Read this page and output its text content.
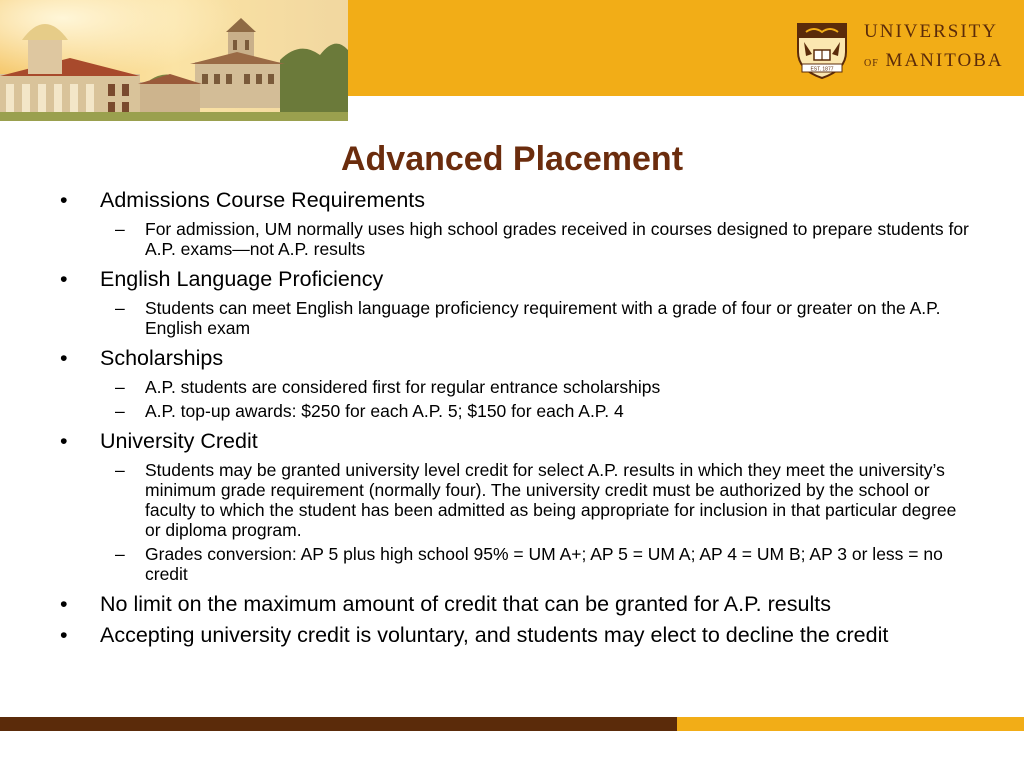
EST. 1877
UNIVERSITY
OF MANITOBA
Advanced Placement
• Admissions Course Requirements
– For admission, UM normally uses high school grades received in courses designed to prepare students for A.P. exams—not A.P. results
• English Language Proficiency
– Students can meet English language proficiency requirement with a grade of four or greater on the A.P. English exam
• Scholarships
– A.P. students are considered first for regular entrance scholarships
– A.P. top-up awards: $250 for each A.P. 5; $150 for each A.P. 4
• University Credit
– Students may be granted university level credit for select A.P. results in which they meet the university’s minimum grade requirement (normally four). The university credit must be authorized by the school or faculty to which the student has been admitted as being appropriate for inclusion in that particular degree or diploma program.
– Grades conversion: AP 5 plus high school 95% = UM A+; AP 5 = UM A; AP 4 = UM B; AP 3 or less = no credit
• No limit on the maximum amount of credit that can be granted for A.P. results
• Accepting university credit is voluntary, and students may elect to decline the credit
